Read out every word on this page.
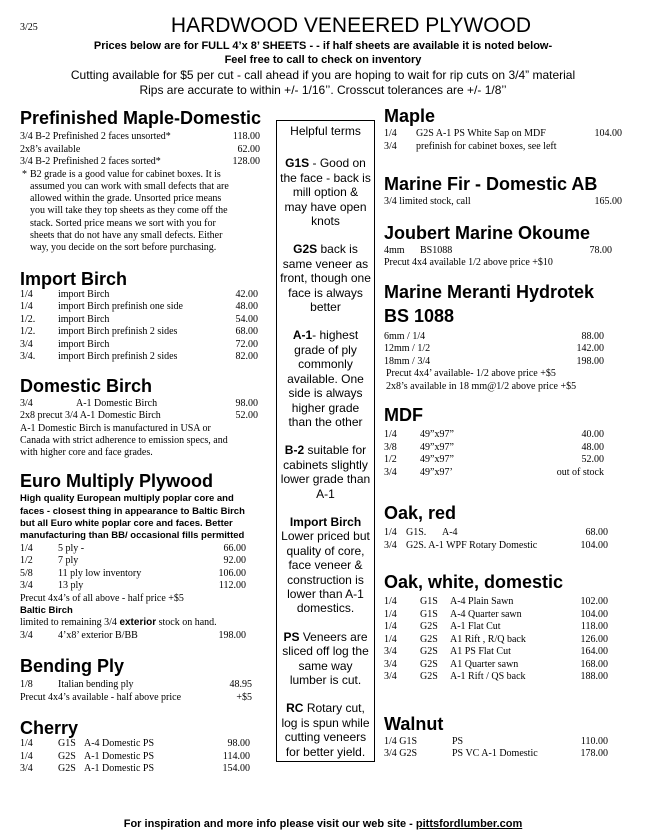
3/25	HARDWOOD VENEERED PLYWOOD
Prices below are for FULL 4’x 8’ SHEETS - - if half sheets are available it is noted below-
Feel free to call to check on inventory
Cutting available for $5 per cut - call ahead if you are hoping to wait for rip cuts on 3/4” material
Rips are accurate to within +/- 1/16’’. Crosscut tolerances are +/- 1/8’’
Prefinished Maple-Domestic
3/4 B-2 Prefinished 2 faces unsorted*	118.00
2x8’s available	62.00
3/4 B-2 Prefinished 2 faces sorted*	128.00
* B2 grade is a good value for cabinet boxes. It is
assumed you can work with small defects that are
allowed within the grade. Unsorted price means
you will take they top sheets as they come off the
stack. Sorted price means we sort with you for
sheets that do not have any small defects. Either
way, you decide on the sort before purchasing.
Import Birch
1/4	import Birch	42.00
1/4	import Birch prefinish one side	48.00
1/2. import Birch	54.00
1/2. import Birch prefinish 2 sides	68.00
3/4	import Birch	72.00
3/4. import Birch prefinish 2 sides	82.00
Domestic Birch
3/4	A-1 Domestic Birch	98.00
2x8 precut 3/4 A-1 Domestic Birch	52.00
A-1 Domestic Birch is manufactured in USA or
Canada with strict adherence to emission specs, and
with higher core and face grades.
Euro Multiply Plywood
High quality European multiply poplar core and
faces - closest thing in appearance to Baltic Birch
but all Euro white poplar core and faces. Better
manufacturing than BB/ occasional fills permitted
1/4	5 ply -	66.00
1/2	7 ply	92.00
5/8	11 ply low inventory	106.00
3/4	13 ply	112.00
Precut 4x4’s of all above - half price +$5
Baltic Birch
limited to remaining 3/4 exterior stock on hand.
3/4	4’x8’ exterior B/BB	198.00
Bending Ply
1/8	Italian bending ply	48.95
Precut 4x4’s available - half above price	+$5
Cherry
1/4	G1S A-4 Domestic PS	98.00
1/4	G2S A-1 Domestic PS	114.00
3/4	G2S A-1 Domestic PS	154.00
Helpful terms
G1S - Good on the face - back is mill option & may have open knots
G2S back is same veneer as front, though one face is always better
A-1- highest grade of ply commonly available. One side is always higher grade than the other
B-2 suitable for cabinets slightly lower grade than A-1
Import Birch Lower priced but quality of core, face veneer & construction is lower than A-1 domestics.
PS Veneers are sliced off log the same way lumber is cut.
RC Rotary cut, log is spun while cutting veneers for better yield.
Maple
1/4 G2S A-1 PS White Sap on MDF	104.00
3/4 prefinish for cabinet boxes, see left
Marine Fir - Domestic AB
3/4 limited stock, call	165.00
Joubert Marine Okoume
4mm BS1088	78.00
Precut 4x4 available 1/2 above price +$10
Marine Meranti Hydrotek
BS 1088
6mm / 1/4	88.00
12mm / 1/2	142.00
18mm / 3/4	198.00
Precut 4x4’ available- 1/2 above price +$5
2x8’s available in 18 mm@1/2 above price +$5
MDF
1/4 49”x97”	40.00
3/8 49”x97”	48.00
1/2 49”x97”	52.00
3/4 49”x97’	out of stock
Oak, red
1/4 G1S. A-4	68.00
3/4 G2S. A-1 WPF Rotary Domestic	104.00
Oak, white, domestic
1/4 G1S A-4 Plain Sawn	102.00
1/4 G1S A-4 Quarter sawn	104.00
1/4 G2S A-1 Flat Cut	118.00
1/4 G2S A1 Rift , R/Q back	126.00
3/4 G2S A1 PS Flat Cut	164.00
3/4 G2S A1 Quarter sawn	168.00
3/4 G2S A-1 Rift / QS back	188.00
Walnut
1/4 G1S	PS	110.00
3/4 G2S	PS VC A-1 Domestic	178.00
For inspiration and more info please visit our web site - pittsfordlumber.com
